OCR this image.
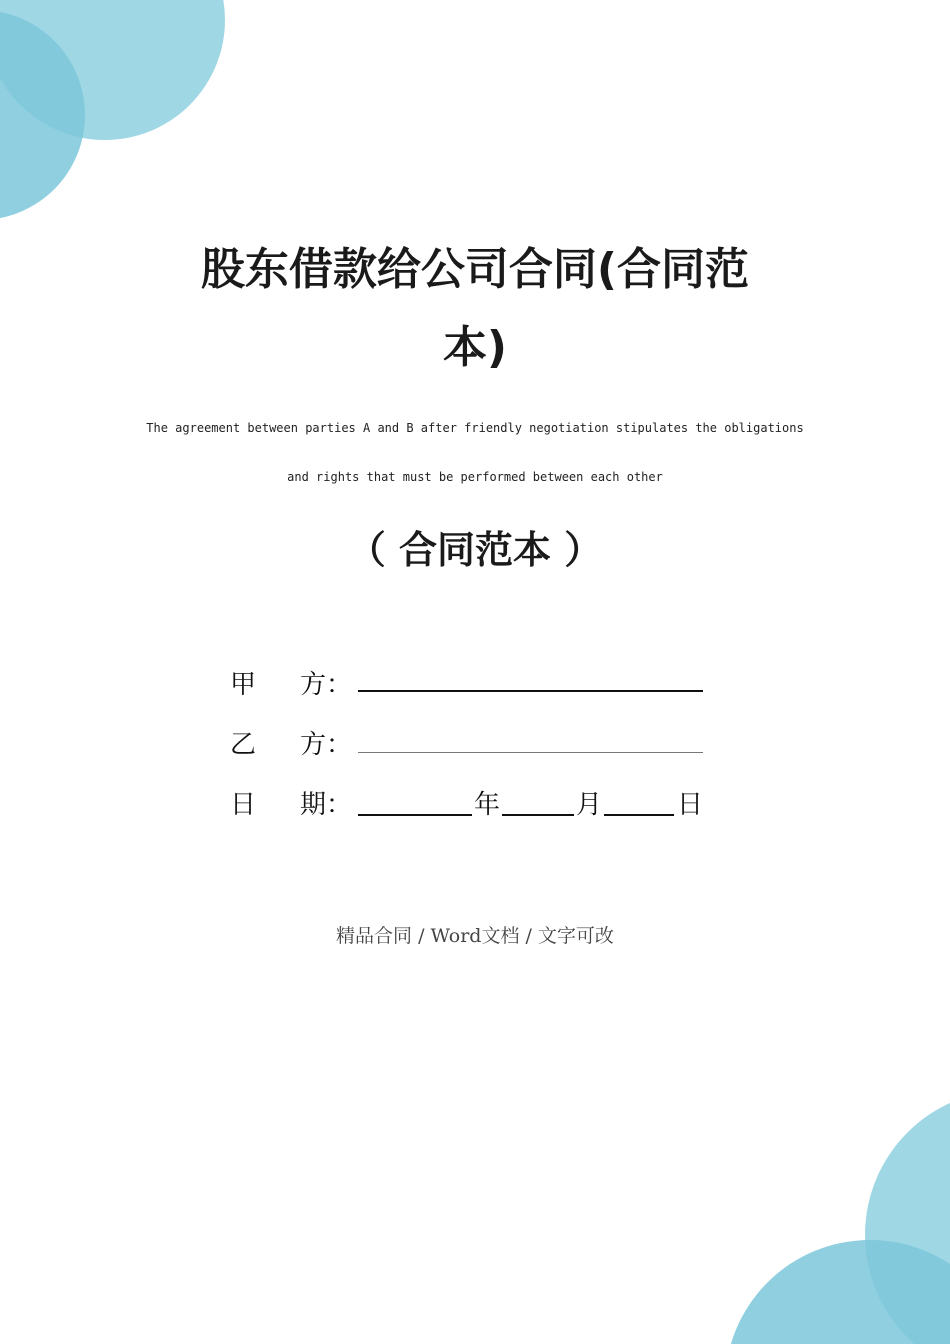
股东借款给公司合同(合同范
本)
The agreement between parties A and B after friendly negotiation stipulates the obligations
and rights that must be performed between each other
（ 合同范本 ）
甲 方：
乙 方：
日 期：	年	月	日
精品合同 / Word文档 / 文字可改
